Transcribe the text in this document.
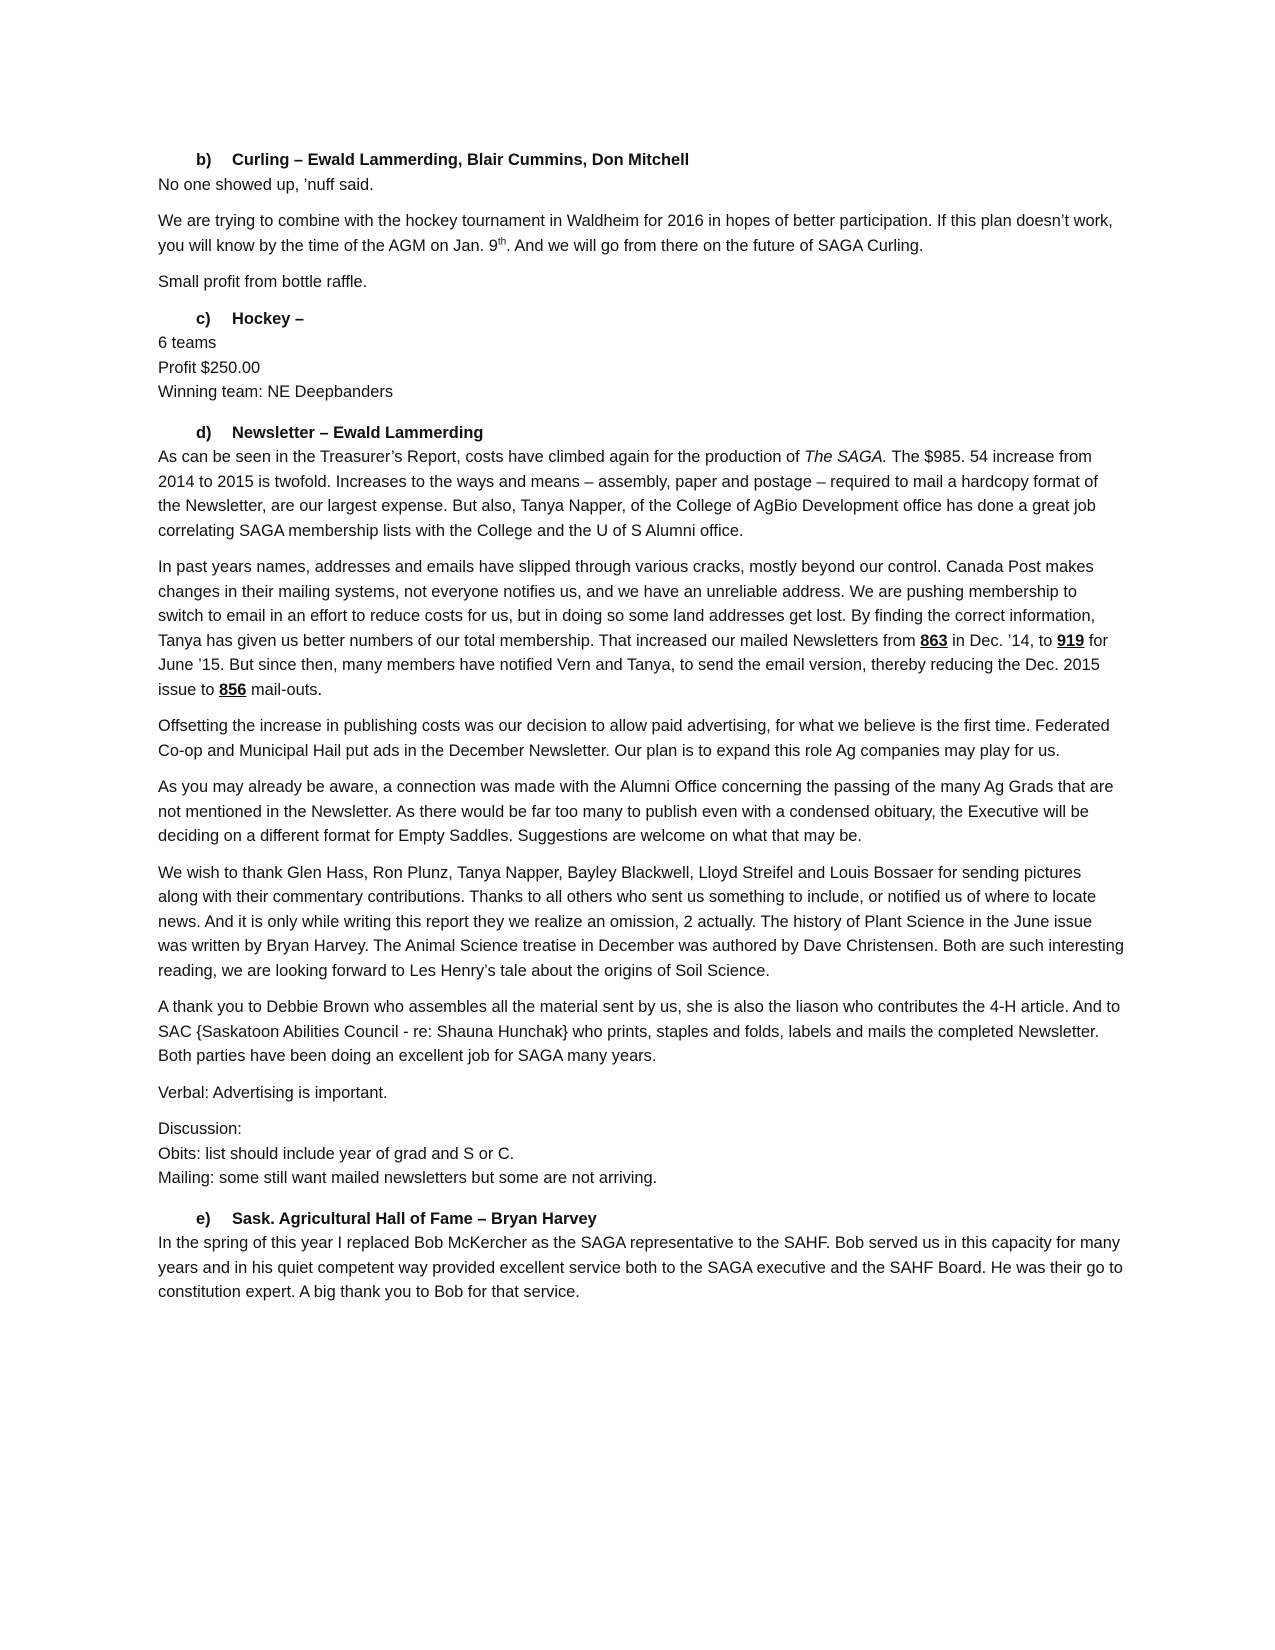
b) Curling – Ewald Lammerding, Blair Cummins, Don Mitchell

No one showed up, ’nuff said.

We are trying to combine with the hockey tournament in Waldheim for 2016 in hopes of better participation. If this plan doesn’t work, you will know by the time of the AGM on Jan. 9th. And we will go from there on the future of SAGA Curling.

Small profit from bottle raffle.

c) Hockey –
6 teams
Profit $250.00
Winning team: NE Deepbanders
d) Newsletter – Ewald Lammerding

As can be seen in the Treasurer’s Report, costs have climbed again for the production of The SAGA. The $985. 54 increase from 2014 to 2015 is twofold. Increases to the ways and means – assembly, paper and postage – required to mail a hardcopy format of the Newsletter, are our largest expense. But also, Tanya Napper, of the College of AgBio Development office has done a great job correlating SAGA membership lists with the College and the U of S Alumni office.

In past years names, addresses and emails have slipped through various cracks, mostly beyond our control. Canada Post makes changes in their mailing systems, not everyone notifies us, and we have an unreliable address. We are pushing membership to switch to email in an effort to reduce costs for us, but in doing so some land addresses get lost. By finding the correct information, Tanya has given us better numbers of our total membership. That increased our mailed Newsletters from 863 in Dec. ’14, to 919 for June ’15. But since then, many members have notified Vern and Tanya, to send the email version, thereby reducing the Dec. 2015 issue to 856 mail-outs.

Offsetting the increase in publishing costs was our decision to allow paid advertising, for what we believe is the first time. Federated Co-op and Municipal Hail put ads in the December Newsletter. Our plan is to expand this role Ag companies may play for us.

As you may already be aware, a connection was made with the Alumni Office concerning the passing of the many Ag Grads that are not mentioned in the Newsletter. As there would be far too many to publish even with a condensed obituary, the Executive will be deciding on a different format for Empty Saddles. Suggestions are welcome on what that may be.

We wish to thank Glen Hass, Ron Plunz, Tanya Napper, Bayley Blackwell, Lloyd Streifel and Louis Bossaer for sending pictures along with their commentary contributions. Thanks to all others who sent us something to include, or notified us of where to locate news. And it is only while writing this report they we realize an omission, 2 actually. The history of Plant Science in the June issue was written by Bryan Harvey. The Animal Science treatise in December was authored by Dave Christensen. Both are such interesting reading, we are looking forward to Les Henry’s tale about the origins of Soil Science.

A thank you to Debbie Brown who assembles all the material sent by us, she is also the liason who contributes the 4-H article. And to SAC {Saskatoon Abilities Council - re: Shauna Hunchak} who prints, staples and folds, labels and mails the completed Newsletter. Both parties have been doing an excellent job for SAGA many years.

Verbal: Advertising is important.

Discussion:
Obits: list should include year of grad and S or C.
Mailing: some still want mailed newsletters but some are not arriving.
e) Sask. Agricultural Hall of Fame – Bryan Harvey

In the spring of this year I replaced Bob McKercher as the SAGA representative to the SAHF. Bob served us in this capacity for many years and in his quiet competent way provided excellent service both to the SAGA executive and the SAHF Board. He was their go to constitution expert. A big thank you to Bob for that service.
